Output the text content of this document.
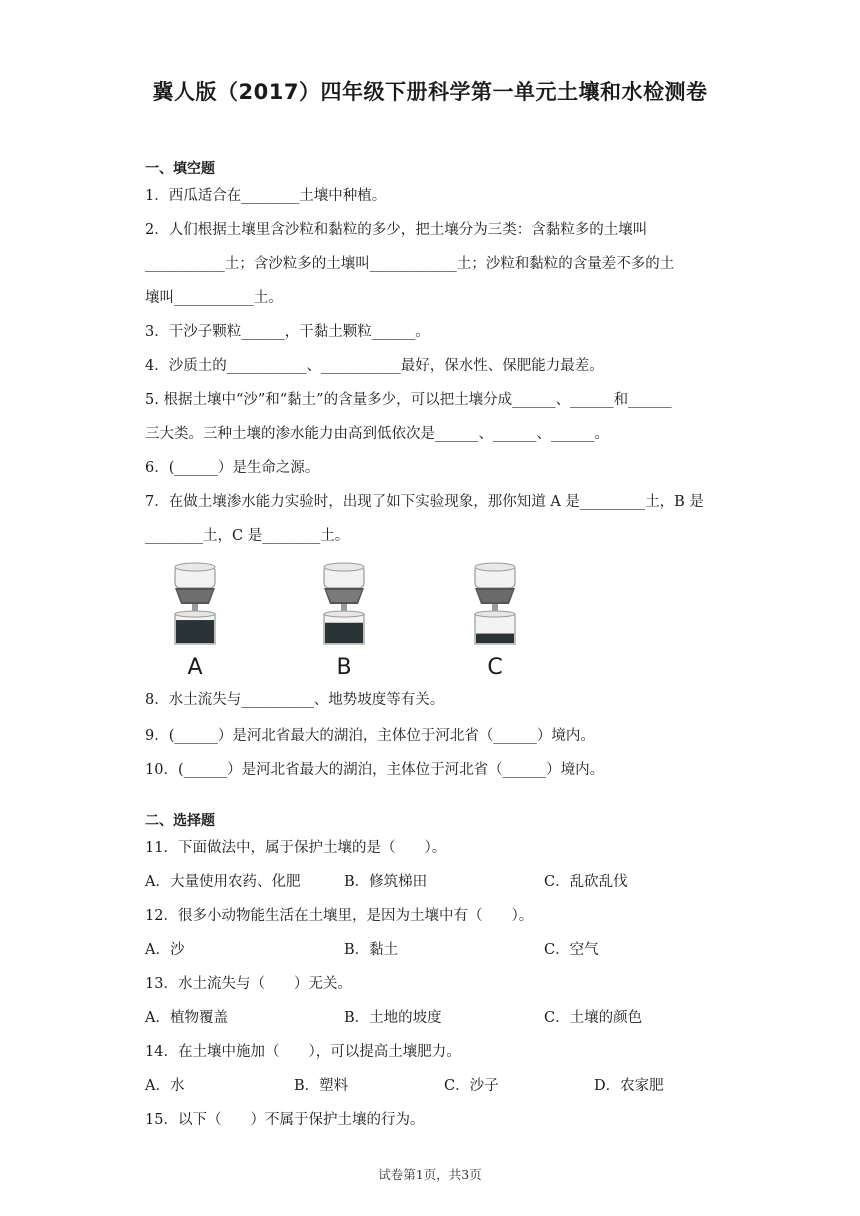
冀人版（2017）四年级下册科学第一单元土壤和水检测卷
一、填空题
1．西瓜适合在________土壤中种植。
2．人们根据土壤里含沙粒和黏粒的多少，把土壤分为三类：含黏粒多的土壤叫
___________土；含沙粒多的土壤叫____________土；沙粒和黏粒的含量差不多的土
壤叫___________土。
3．干沙子颗粒______，干黏土颗粒______。
4．沙质土的___________、___________最好，保水性、保肥能力最差。
5. 根据土壤中“沙”和“黏土”的含量多少，可以把土壤分成______、______和______
三大类。三种土壤的渗水能力由高到低依次是______、______、______。
6．(______）是生命之源。
7．在做土壤渗水能力实验时，出现了如下实验现象，那你知道 A 是_________土，B 是
________土，C 是________土。
A	B	C
8．水土流失与__________、地势坡度等有关。
9．(______）是河北省最大的湖泊，主体位于河北省（______）境内。
10．(______）是河北省最大的湖泊，主体位于河北省（______）境内。
二、选择题
11．下面做法中，属于保护土壤的是（　　）。
A．大量使用农药、化肥	B．修筑梯田	C．乱砍乱伐
12．很多小动物能生活在土壤里，是因为土壤中有（　　）。
A．沙	B．黏土	C．空气
13．水土流失与（　　）无关。
A．植物覆盖	B．土地的坡度	C．土壤的颜色
14．在土壤中施加（　　），可以提高土壤肥力。
A．水	B．塑料	C．沙子	D．农家肥
15．以下（　　）不属于保护土壤的行为。
试卷第1页，共3页
